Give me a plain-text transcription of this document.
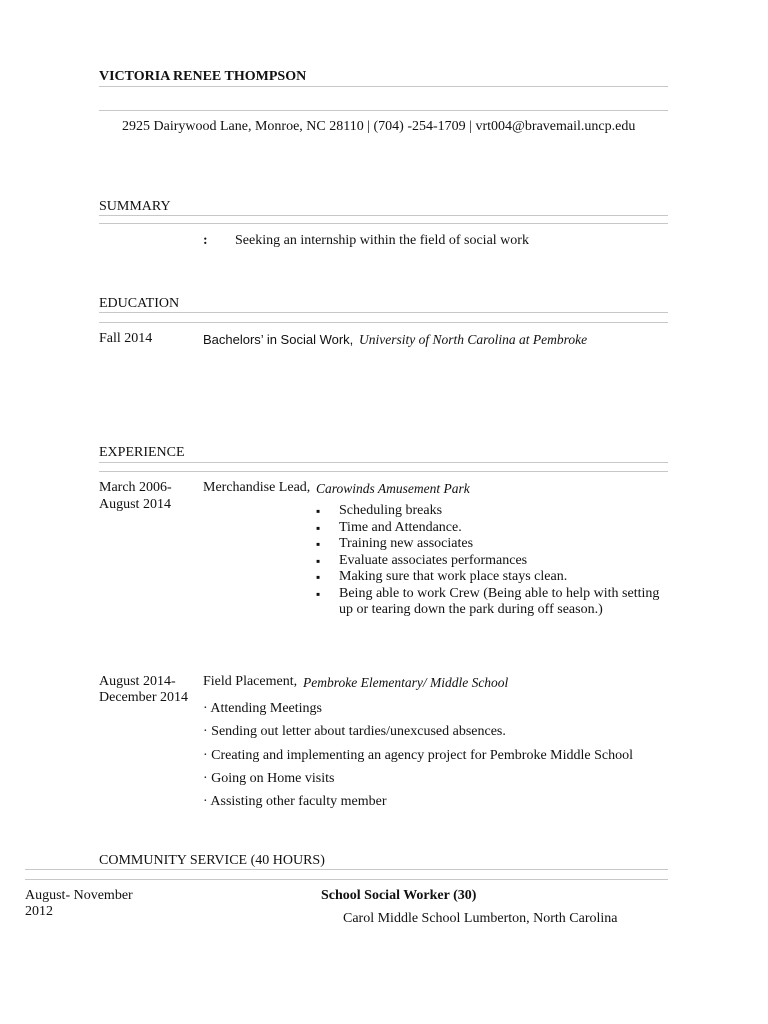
VICTORIA RENEE THOMPSON
2925 Dairywood Lane, Monroe, NC 28110 | (704) -254-1709 | vrt004@bravemail.uncp.edu
SUMMARY
: Seeking an internship within the field of social work
EDUCATION
Fall 2014	Bachelors’ in Social Work, University of North Carolina at Pembroke
EXPERIENCE
March 2006-
August 2014
Merchandise Lead, Carowinds Amusement Park
▪ Scheduling breaks
▪ Time and Attendance.
▪ Training new associates
▪ Evaluate associates performances
▪ Making sure that work place stays clean.
▪ Being able to work Crew (Being able to help with setting
up or tearing down the park during off season.)
August 2014-
December 2014
Field Placement, Pembroke Elementary/ Middle School
· Attending Meetings
· Sending out letter about tardies/unexcused absences.
· Creating and implementing an agency project for Pembroke Middle School
· Going on Home visits
· Assisting other faculty member
COMMUNITY SERVICE (40 HOURS)
August- November
2012
School Social Worker (30)
Carol Middle School Lumberton, North Carolina
